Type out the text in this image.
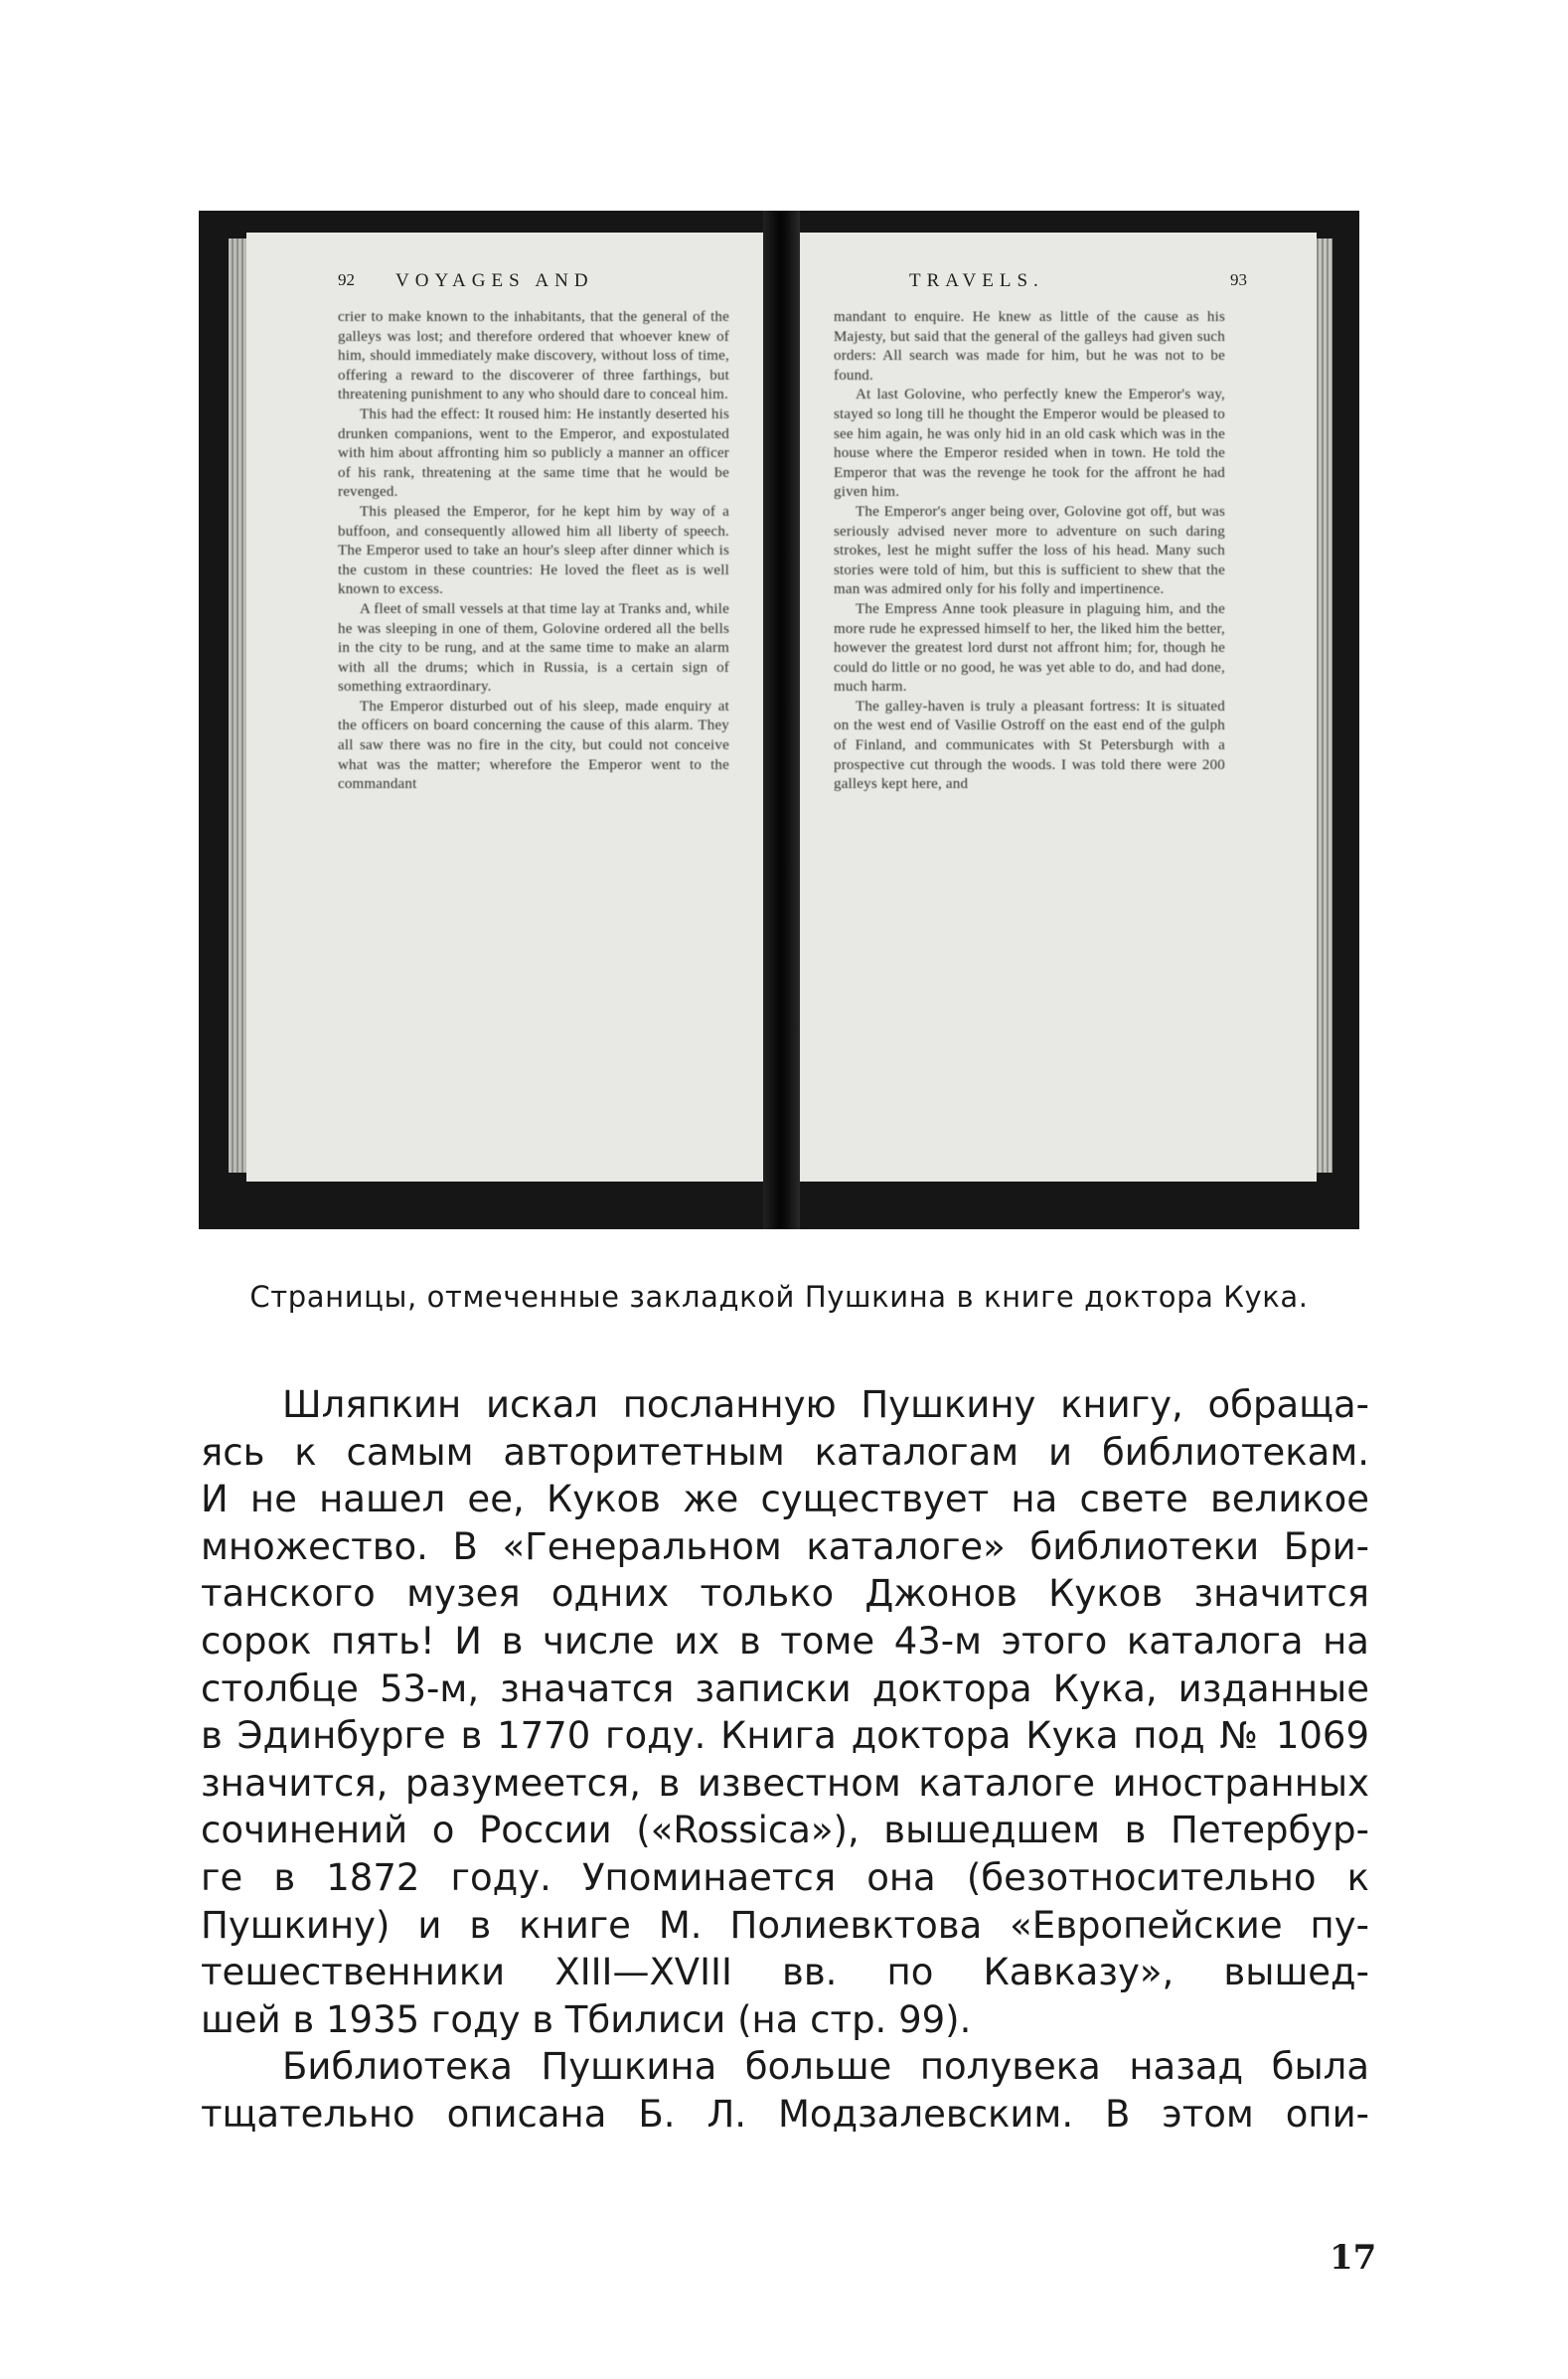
92 VOYAGES AND

crier to make known to the inhabitants, that the general of the galleys was lost; and therefore ordered that whoever knew of him, should immediately make discovery, without loss of time, offering a reward to the discoverer of three farthings, but threatening punishment to any who should dare to conceal him.

This had the effect: It roused him: He instantly deserted his drunken companions, went to the Emperor, and expostulated with him about affronting him so publicly a manner an officer of his rank, threatening at the same time that he would be revenged.

This pleased the Emperor, for he kept him by way of a buffoon, and consequently allowed him all liberty of speech. The Emperor used to take an hour's sleep after dinner which is the custom in these countries: He loved the fleet as is well known to excess.

A fleet of small vessels at that time lay at Tranks and, while he was sleeping in one of them, Golovine ordered all the bells in the city to be rung, and at the same time to make an alarm with all the drums; which in Russia, is a certain sign of something extraordinary.

The Emperor disturbed out of his sleep, made enquiry at the officers on board concerning the cause of this alarm. They all saw there was no fire in the city, but could not conceive what was the matter; wherefore the Emperor went to the commandant

TRAVELS.	93

mandant to enquire. He knew as little of the cause as his Majesty, but said that the general of the galleys had given such orders: All search was made for him, but he was not to be found.

At last Golovine, who perfectly knew the Emperor's way, stayed so long till he thought the Emperor would be pleased to see him again, he was only hid in an old cask which was in the house where the Emperor resided when in town. He told the Emperor that was the revenge he took for the affront he had given him.

The Emperor's anger being over, Golovine got off, but was seriously advised never more to adventure on such daring strokes, lest he might suffer the loss of his head. Many such stories were told of him, but this is sufficient to shew that the man was admired only for his folly and impertinence.

The Empress Anne took pleasure in plaguing him, and the more rude he expressed himself to her, the liked him the better, however the greatest lord durst not affront him; for, though he could do little or no good, he was yet able to do, and had done, much harm.

The galley-haven is truly a pleasant fortress: It is situated on the west end of Vasilie Ostroff on the east end of the gulph of Finland, and communicates with St Petersburgh with a prospective cut through the woods. I was told there were 200 galleys kept here, and

Страницы, отмеченные закладкой Пушкина в книге доктора Кука.
Шляпкин искал посланную Пушкину книгу, обраща-
ясь к самым авторитетным каталогам и библиотекам.
И не нашел ее, Куков же существует на свете великое
множество. В «Генеральном каталоге» библиотеки Бри-
танского музея одних только Джонов Куков значится
сорок пять! И в числе их в томе 43-м этого каталога на
столбце 53-м, значатся записки доктора Кука, изданные
в Эдинбурге в 1770 году. Книга доктора Кука под № 1069
значится, разумеется, в известном каталоге иностранных
сочинений о России («Rossica»), вышедшем в Петербур-
ге в 1872 году. Упоминается она (безотносительно к
Пушкину) и в книге М. Полиевктова «Европейские пу-
тешественники XIII—XVIII вв. по Кавказу», вышед-
шей в 1935 году в Тбилиси (на стр. 99).
Библиотека Пушкина больше полувека назад была
тщательно описана Б. Л. Модзалевским. В этом опи-
17
